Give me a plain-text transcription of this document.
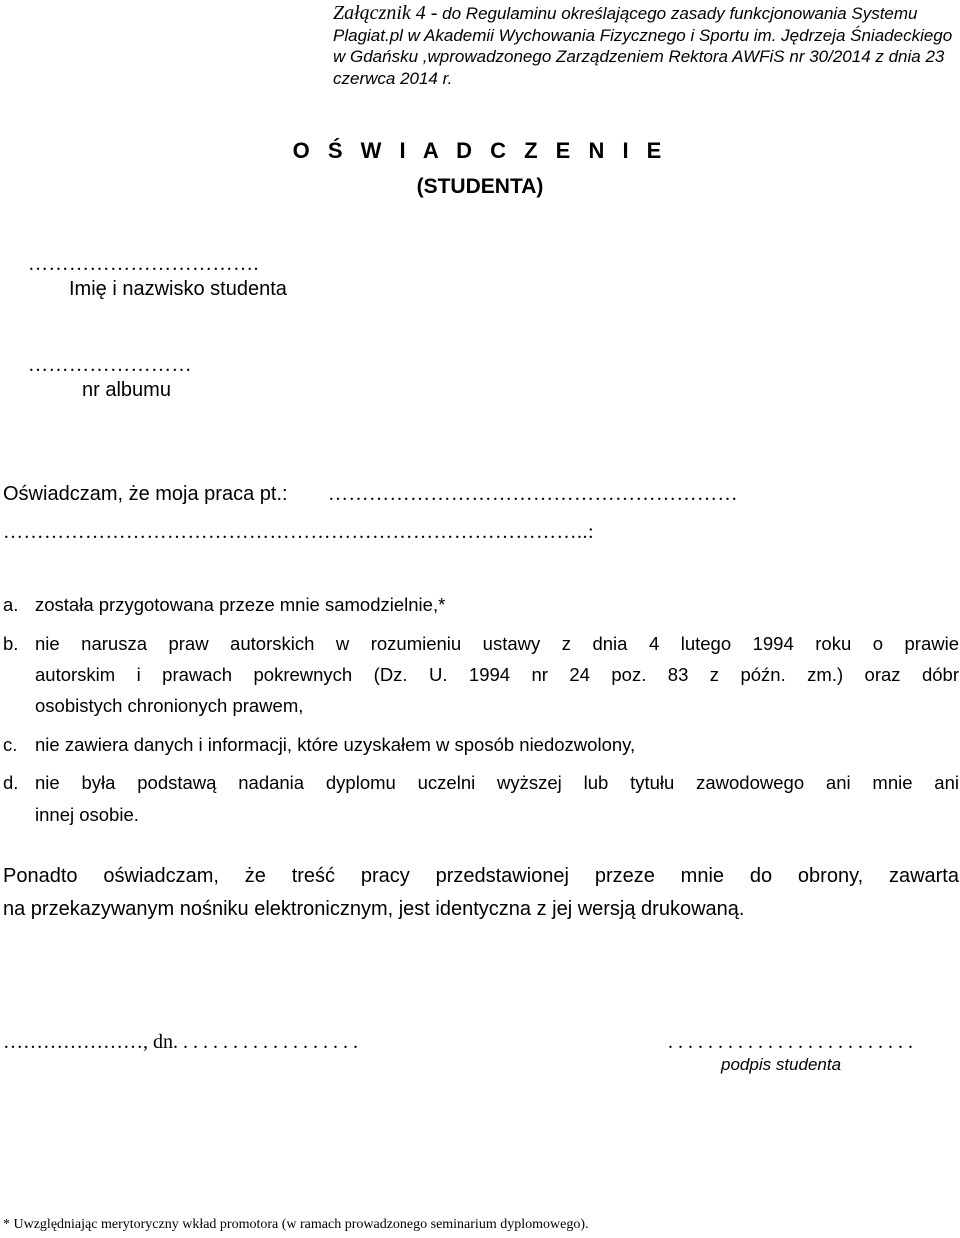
Załącznik 4 - do Regulaminu określającego zasady funkcjonowania Systemu Plagiat.pl w Akademii Wychowania Fizycznego i Sportu im. Jędrzeja Śniadeckiego w Gdańsku ,wprowadzonego Zarządzeniem Rektora AWFiS nr 30/2014 z dnia 23 czerwca 2014 r.
O Ś W I A D C Z E N I E
(STUDENTA)
…………………………….
Imię i nazwisko studenta
……………………
nr albumu
Oświadczam, że moja praca pt.: ……………………………………………………
…………………………………………………………………………..:
a. została przygotowana przeze mnie samodzielnie,*
b. nie narusza praw autorskich w rozumieniu ustawy z dnia 4 lutego 1994 roku o prawie
autorskim i prawach pokrewnych (Dz. U. 1994 nr 24 poz. 83 z późn. zm.) oraz dóbr
osobistych chronionych prawem,
c. nie zawiera danych i informacji, które uzyskałem w sposób niedozwolony,
d. nie była podstawą nadania dyplomu uczelni wyższej lub tytułu zawodowego ani mnie ani
innej osobie.
Ponadto oświadczam, że treść pracy przedstawionej przeze mnie do obrony, zawarta
na przekazywanym nośniku elektronicznym, jest identyczna z jej wersją drukowaną.
…………………, dn. . . . . . . . . . . . . . . . . . .	. . . . . . . . . . . . . . . . . . . . . . . . .
podpis studenta
* Uwzględniając merytoryczny wkład promotora (w ramach prowadzonego seminarium dyplomowego).
